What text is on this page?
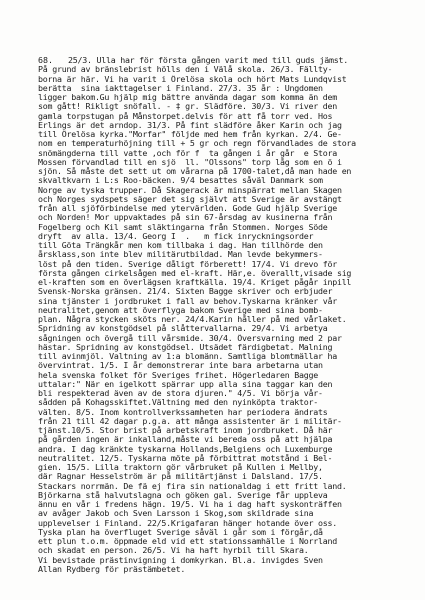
68. 25/3. Ulla har för första gången varit med till guds jämst.
På grund av bränslebrist hölls den i Välå skola. 26/3. Fällty-
borna är här. Vi ha varit i Örelösa skola och hört Mats Lundqvist
berätta  sina iakttagelser i Finland. 27/3. 35 år : Ungdomen
ligger bakom.Gu hjälp mig bättre använda dagar som komma än dem
som gått! Rikligt snöfall. - ‡ gr. Slädföre. 30/3. Vi river den
gamla torpstugan på Månstorpet.delvis för att få torr ved. Hos
Erlings är det arndop. 31/3. På fint slädföre åker Karin och jag
till Örelösa kyrka."Morfar" följde med hem från kyrkan. 2/4. Ge-
nom en temperaturhöjning till + 5 gr och regn förvandlades de stora
snömängderna till vatte ,och för f  ta gången i år går  e Stora
Mossen förvandlad till en sjö  ll. "Olssons" torp låg som en ö i
sjön. Så måste det sett ut om vårarna på 1700-talet,då man hade en
skvaltkvarn i L:s Roo-bäcken. 9/4 besattes såväl Danmark som
Norge av tyska trupper. Då Skagerack är minspärrat mellan Skagen
och Norges sydspets säger det sig självt att Sverige är avstängt
från all sjöförbindelse med ytervärlden. Gode Gud hjälp Sverige
och Norden! Mor uppvaktades på sin 67-årsdag av kusinerna från
Fogelberg och Kil samt släktingarna från Stommen. Norges Söde
dryft  av alla. 13/4. Georg I  .   m fick inryckningsorder
till Göta Trängkår men kom tillbaka i dag. Han tillhörde den
årsklass,son inte blev militärutbildad. Man levde bekymmers-
löst på den tiden. Sverige dåligt förberett! 17/4. Vi drevo för
första gången cirkelsågen med el-kraft. Här,e. överallt,visade sig
el-kraften som en överlägsen kraftkälla. 19/4. Kriget pågår inpill
Svensk-Norska gränsen. 21/4. Sixten Bagge skriver och erbjuder
sina tjänster i jordbruket i fall av behov.Tyskarna kränker vår
neutralitet,genom att överflyga bakom Sverige med sina bomb-
plan. Några stycken sköts ner. 24/4.Karin håller på med vårlaket.
Spridning av konstgödsel på slåttervallarna. 29/4. Vi arbetya
sågningen och övergå till vårsmide. 30/4. Översvarning med 2 par
hästar. Spridning av konstgödsel. Utsädet färdigbetat. Malning
till avinmjöl. Valtning av 1:a blomänn. Samtliga blomtmällar ha
övervintrat. 1/5. I år demonstrerar inte bara arbetarna utan
hela svenska folket för Sveriges frihet. Högerledaren Bagge
uttalar:" När en igelkott spärrar upp alla sina taggar kan den
bli respekterad även av de stora djuren." 4/5. Vi börja vår-
sådden på Kohagsskiftet.Vältning med den nyinköpta traktor-
välten. 8/5. Inom kontrollverkssamheten har periodera ändrats
från 21 till 42 dagar p.g.a. att många assistenter är i militär-
tjänst.10/5. Stor brist på arbetskraft inom jordbruket. Då här
på gården ingen är inkalland,måste vi bereda oss på att hjälpa
andra. I dag kränkte tyskarna Hollands,Belgiens och Luxemburge
neutralitet. 12/5. Tyskarna möte på förbittrat motstånd i Bel-
gien. 15/5. Lilla traktorn gör vårbruket på Kullen i Mellby,
där Ragnar Hesselström är på militärtjänst i Dalsland. 17/5.
Stackars norrmän. De fä ej fira sin nationaldag i ett fritt land.
Björkarna stå halvutslagna och göken gal. Sverige får uppleva
ännu en vår i fredens hägn. 19/5. Vi ha i dag haft syskonträffen
av avåger Jakob och Sven Larsson i Skog,som skildrade sina
upplevelser i Finland. 22/5.Krigafaran hänger hotande över oss.
Tyska plan ha överfluget Sverige såväl i går som i förgår,då
ett plun t.o.m. öppmade eld vid ett stationssamhälle i Norrland
och skadat en person. 26/5. Vi ha haft hyrbil till Skara.
Vi bevistade prästinvigning i domkyrkan. Bl.a. invigdes Sven
Allan Rydberg för prästämbetet.
